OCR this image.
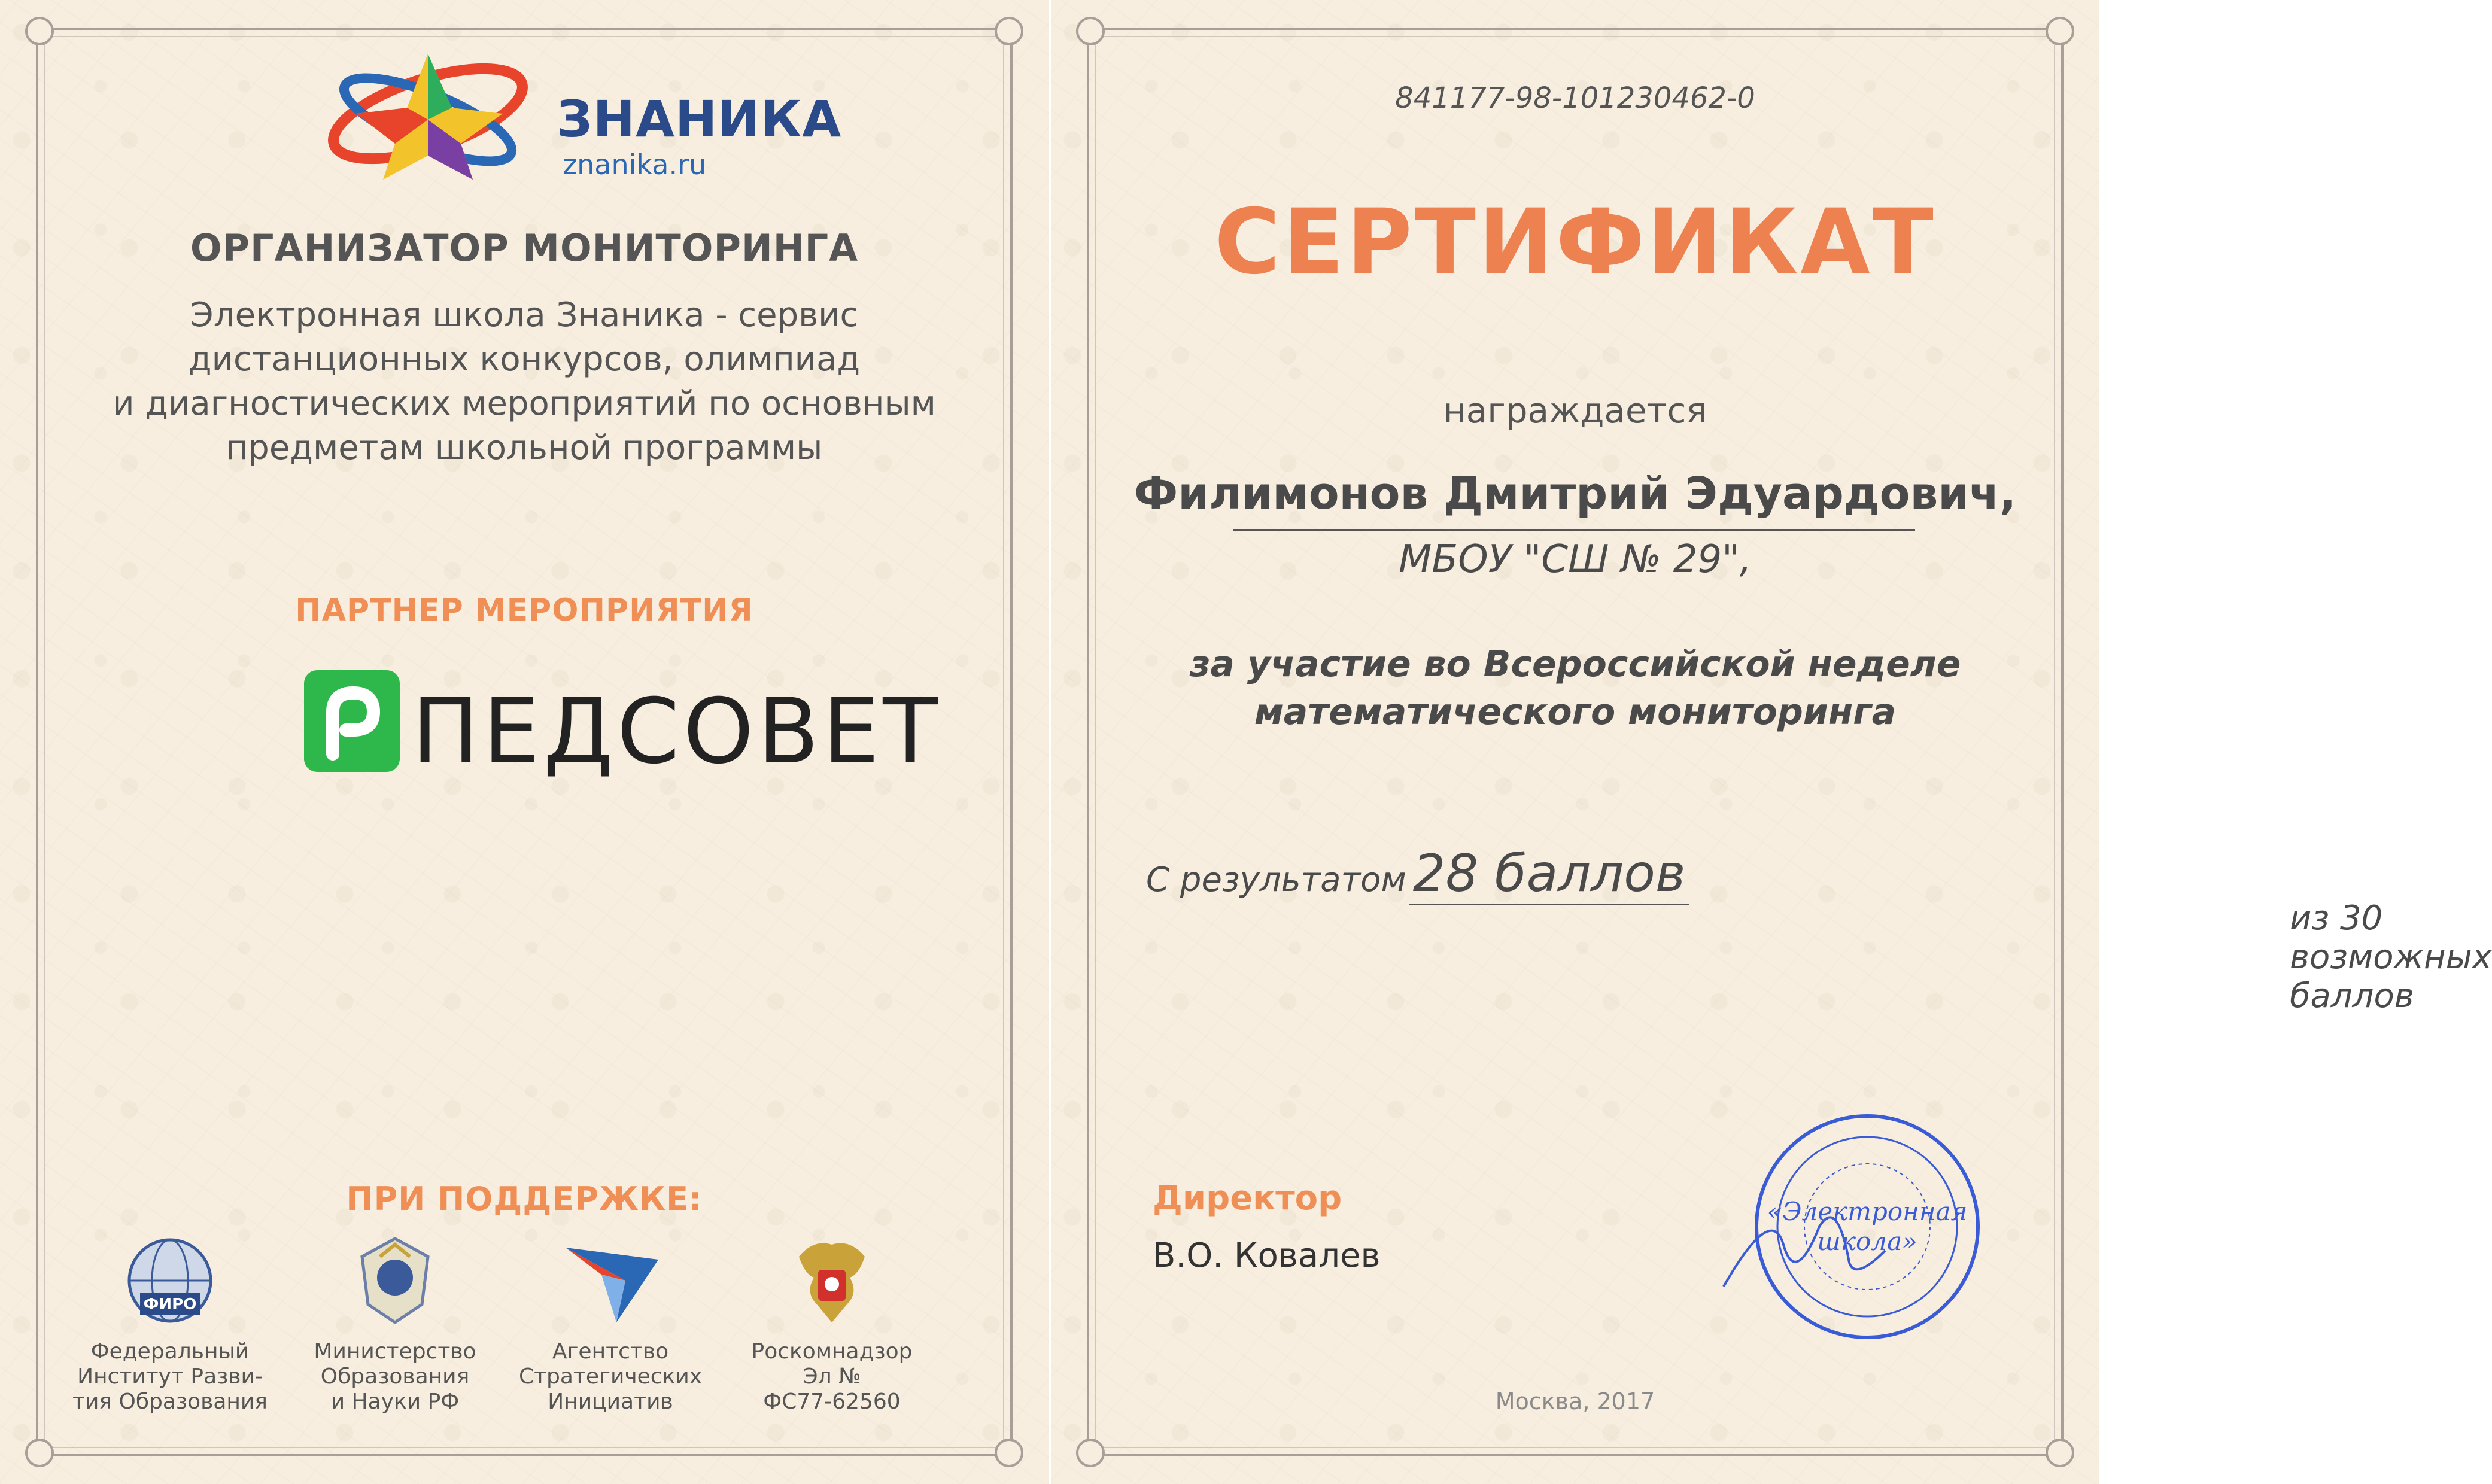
ЗНАНИКА
znanika.ru
ОРГАНИЗАТОР МОНИТОРИНГА
Электронная школа Знаника - сервис
дистанционных конкурсов, олимпиад
и диагностических мероприятий по основным
предметам школьной программы
ПАРТНЕР МЕРОПРИЯТИЯ
ПЕДСОВЕТ
ПРИ ПОДДЕРЖКЕ:
ФИРО
Федеральный
Институт Разви-
тия Образования
Министерство
Образования
и Науки РФ
Агентство
Стратегических
Инициатив
Роскомнадзор
Эл №
ФС77-62560
841177-98-101230462-0
СЕРТИФИКАТ
награждается
Филимонов Дмитрий Эдуардович,
МБОУ "СШ № 29",
за участие во Всероссийской неделе
математического мониторинга
из 30 возможных баллов
Директор
В.О. Ковалев
Москва, 2017
С результатом 28 баллов
«Электронная
школа»
